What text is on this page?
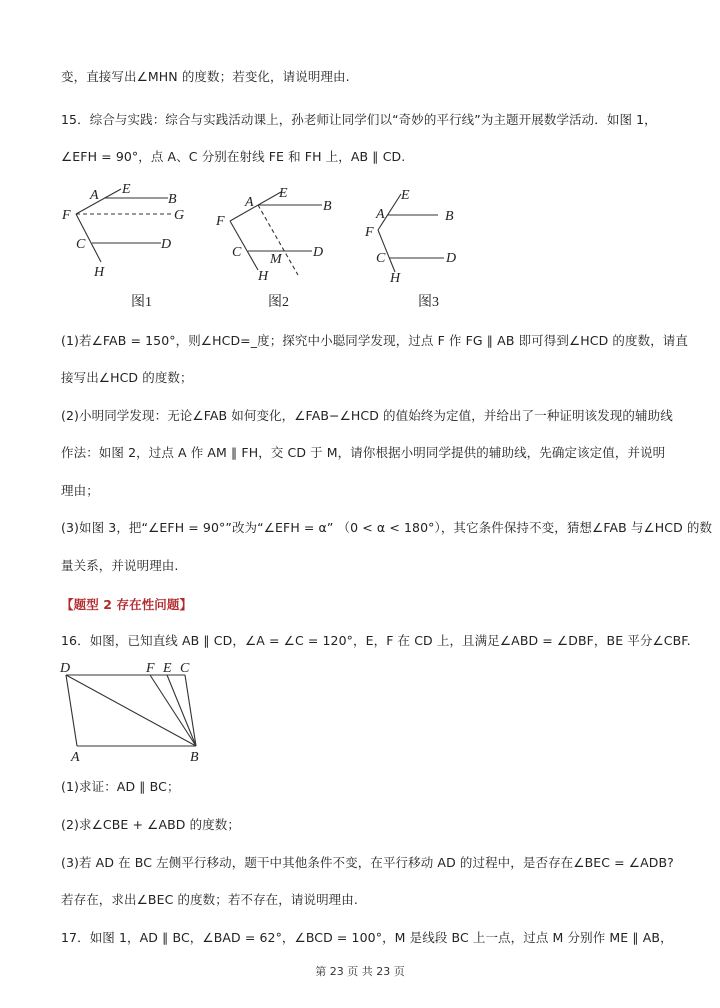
变，直接写出∠MHN 的度数；若变化，请说明理由.
15．综合与实践：综合与实践活动课上，孙老师让同学们以“奇妙的平行线”为主题开展数学活动．如图 1，
∠EFH = 90°，点 A、C 分别在射线 FE 和 FH 上，AB ∥ CD.
A E
B
F	G
C	D
H
图1
A
E
B
F
C M D
H
图2
E
A	B
F
C	D
H
图3
(1)若∠FAB = 150°，则∠HCD=_度；探究中小聪同学发现，过点 F 作 FG ∥ AB 即可得到∠HCD 的度数，请直
接写出∠HCD 的度数；
(2)小明同学发现：无论∠FAB 如何变化，∠FAB−∠HCD 的值始终为定值，并给出了一种证明该发现的辅助线
作法：如图 2，过点 A 作 AM ∥ FH，交 CD 于 M，请你根据小明同学提供的辅助线，先确定该定值，并说明
理由；
(3)如图 3，把“∠EFH = 90°”改为“∠EFH = α” （0 < α < 180°），其它条件保持不变，猜想∠FAB 与∠HCD 的数
量关系，并说明理由.
【题型 2 存在性问题】
16．如图，已知直线 AB ∥ CD，∠A = ∠C = 120°，E，F 在 CD 上，且满足∠ABD = ∠DBF，BE 平分∠CBF.
D	F E C
A	B
(1)求证：AD ∥ BC；
(2)求∠CBE + ∠ABD 的度数；
(3)若 AD 在 BC 左侧平行移动，题干中其他条件不变，在平行移动 AD 的过程中，是否存在∠BEC = ∠ADB?
若存在，求出∠BEC 的度数；若不存在，请说明理由.
17．如图 1，AD ∥ BC，∠BAD = 62°，∠BCD = 100°，M 是线段 BC 上一点，过点 M 分别作 ME ∥ AB，
第 23 页 共 23 页
